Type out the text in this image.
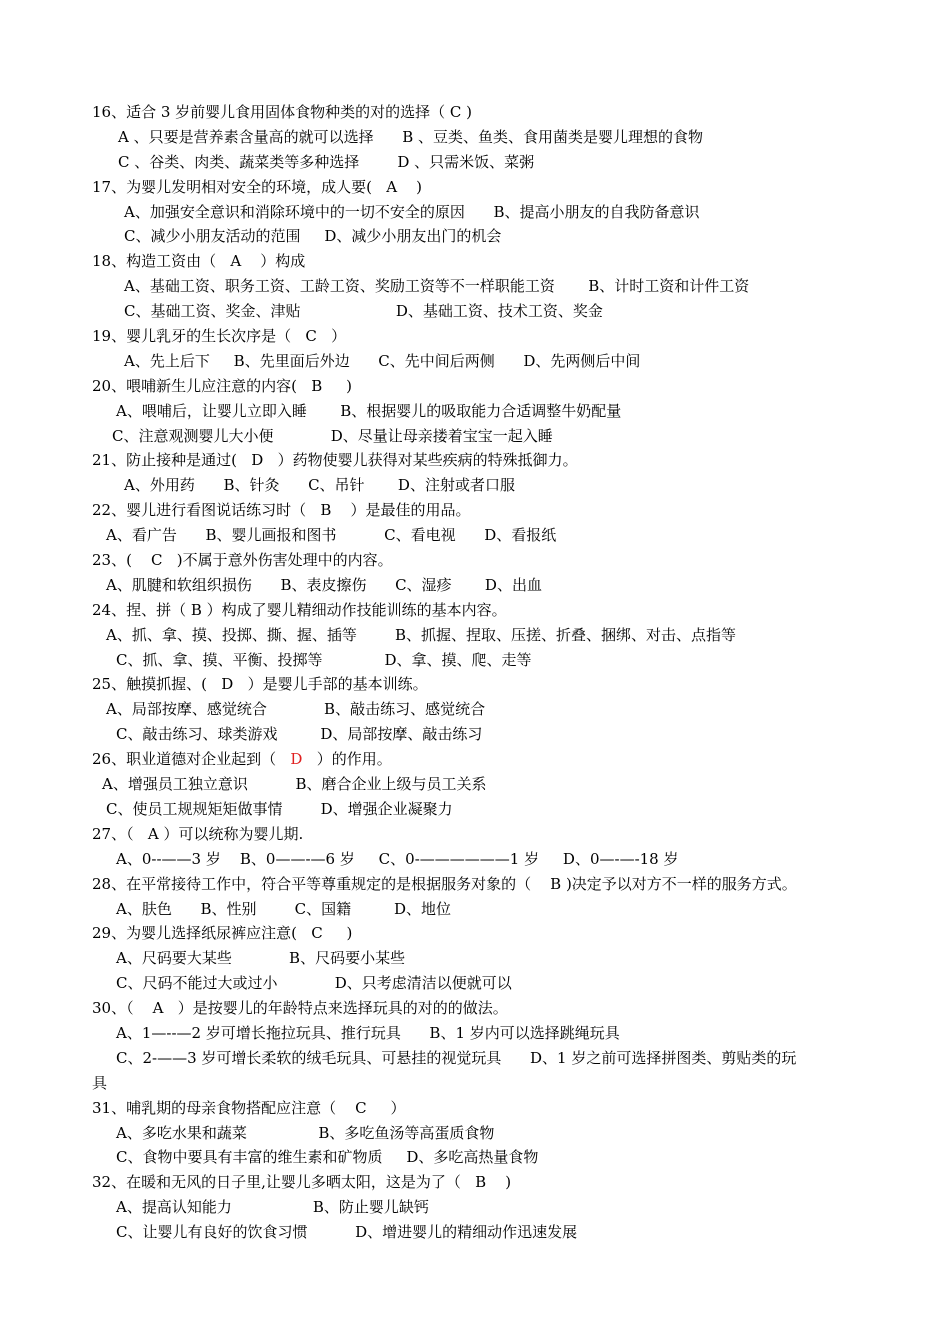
16、适合 3 岁前婴儿食用固体食物种类的对的选择（ C )
A 、只要是营养素含量高的就可以选择      B 、豆类、鱼类、食用菌类是婴儿理想的食物
C 、谷类、肉类、蔬菜类等多种选择        D 、只需米饭、菜粥
17、为婴儿发明相对安全的环境，成人要(   A    )
A、加强安全意识和消除环境中的一切不安全的原因      B、提高小朋友的自我防备意识
C、减少小朋友活动的范围     D、减少小朋友出门的机会
18、构造工资由（   A    ）构成
A、基础工资、职务工资、工龄工资、奖励工资等不一样职能工资       B、计时工资和计件工资
C、基础工资、奖金、津贴                    D、基础工资、技术工资、奖金
19、婴儿乳牙的生长次序是（   C   ）
A、先上后下     B、先里面后外边      C、先中间后两侧      D、先两侧后中间
20、喂哺新生儿应注意的内容(   B     )
A、喂哺后，让婴儿立即入睡       B、根据婴儿的吸取能力合适调整牛奶配量
C、注意观测婴儿大小便            D、尽量让母亲搂着宝宝一起入睡
21、防止接种是通过(   D   ）药物使婴儿获得对某些疾病的特殊抵御力。
A、外用药      B、针灸      C、吊针       D、注射或者口服
22、婴儿进行看图说话练习时（   B    ）是最佳的用品。
A、看广告      B、婴儿画报和图书          C、看电视      D、看报纸
23、(    C   )不属于意外伤害处理中的内容。
A、肌腱和软组织损伤      B、表皮擦伤      C、湿疹       D、出血
24、捏、拼（ B ）构成了婴儿精细动作技能训练的基本内容。
A、抓、拿、摸、投掷、撕、握、插等        B、抓握、捏取、压搓、折叠、捆绑、对击、点指等
C、抓、拿、摸、平衡、投掷等             D、拿、摸、爬、走等
25、触摸抓握、(   D   ）是婴儿手部的基本训练。
A、局部按摩、感觉统合            B、敲击练习、感觉统合
C、敲击练习、球类游戏         D、局部按摩、敲击练习
26、职业道德对企业起到（   D   ）的作用。
A、增强员工独立意识          B、磨合企业上级与员工关系
C、使员工规规矩矩做事情        D、增强企业凝聚力
27、（   A ）可以统称为婴儿期.
A、0--——3 岁    B、0——-—6 岁     C、0-——————1 岁     D、0—-—-18 岁
28、在平常接待工作中，符合平等尊重规定的是根据服务对象的（    B )决定予以对方不一样的服务方式。
A、肤色      B、性别        C、国籍         D、地位
29、为婴儿选择纸尿裤应注意(   C     )
A、尺码要大某些            B、尺码要小某些
C、尺码不能过大或过小            D、只考虑清洁以便就可以
30、（    A   ）是按婴儿的年龄特点来选择玩具的对的的做法。
A、1—--—2 岁可增长拖拉玩具、推行玩具      B、1 岁内可以选择跳绳玩具
C、2-——3 岁可增长柔软的绒毛玩具、可悬挂的视觉玩具      D、1 岁之前可选择拼图类、剪贴类的玩
具
31、哺乳期的母亲食物搭配应注意（    C     ）
A、多吃水果和蔬菜               B、多吃鱼汤等高蛋质食物
C、食物中要具有丰富的维生素和矿物质     D、多吃高热量食物
32、在暖和无风的日子里,让婴儿多晒太阳，这是为了（   B    )
A、提高认知能力                 B、防止婴儿缺钙
C、让婴儿有良好的饮食习惯          D、增进婴儿的精细动作迅速发展
